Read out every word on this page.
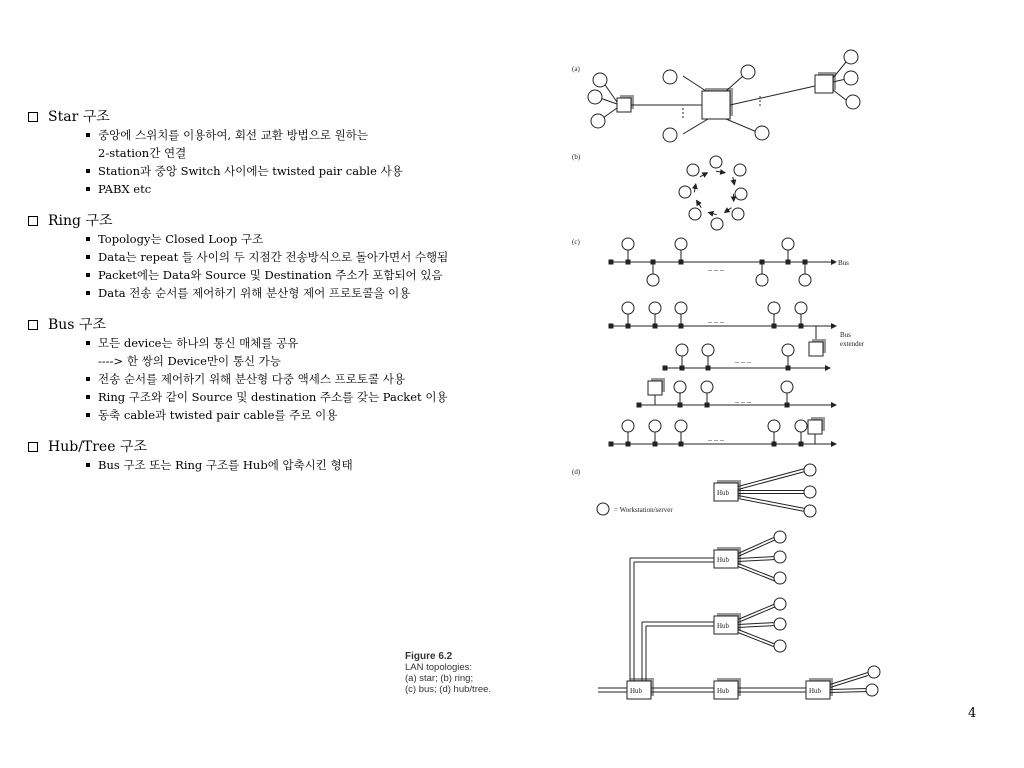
Star 구조
중앙에 스위치를 이용하여, 회선 교환 방법으로 원하는
2-station간 연결
Station과 중앙 Switch 사이에는 twisted pair cable 사용
PABX etc
Ring 구조
Topology는 Closed Loop 구조
Data는 repeat 들 사이의 두 지점간 전송방식으로 돌아가면서 수행됨
Packet에는 Data와 Source 및 Destination 주소가 포함되어 있음
Data 전송 순서를 제어하기 위해 분산형 제어 프로토콜을 이용
Bus 구조
모든 device는 하나의 통신 매체를 공유
----> 한 쌍의 Device만이 통신 가능
전송 순서를 제어하기 위해 분산형 다중 액세스 프로토콜 사용
Ring 구조와 같이 Source 및 destination 주소를 갖는 Packet 이용
동축 cable과 twisted pair cable를 주로 이용
Hub/Tree 구조
Bus 구조 또는 Ring 구조를 Hub에 압축시킨 형태
(a)
(b)
(c)
Bus
– – –
– – –
Bus
extender
– – –
– – –
– – –
(d)
Hub
= Workstation/server
Hub
Hub
Hub	Hub	Hub
Figure 6.2
LAN topologies:
(a) star; (b) ring;
(c) bus; (d) hub/tree.
4
